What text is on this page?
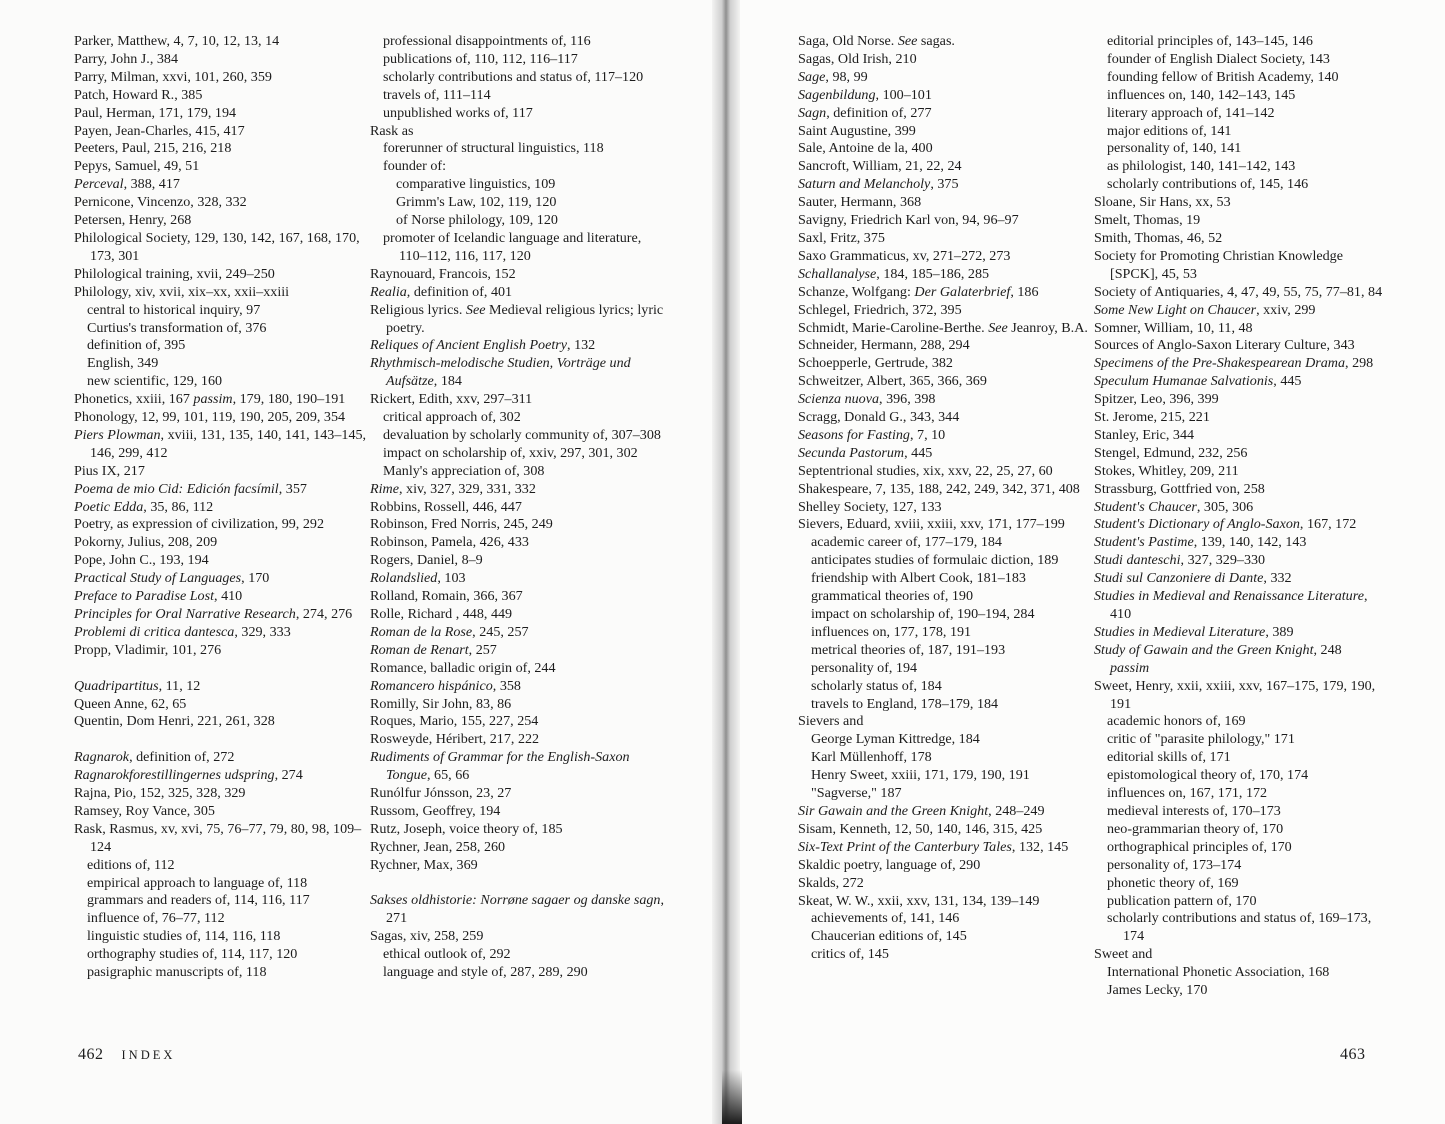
Parker, Matthew, 4, 7, 10, 12, 13, 14
Parry, John J., 384
Parry, Milman, xxvi, 101, 260, 359
Patch, Howard R., 385
Paul, Herman, 171, 179, 194
Payen, Jean-Charles, 415, 417
Peeters, Paul, 215, 216, 218
Pepys, Samuel, 49, 51
Perceval, 388, 417
Pernicone, Vincenzo, 328, 332
Petersen, Henry, 268
Philological Society, 129, 130, 142, 167, 168, 170, 173, 301
Philological training, xvii, 249–250
Philology, xiv, xvii, xix–xx, xxii–xxiii
central to historical inquiry, 97
Curtius's transformation of, 376
definition of, 395
English, 349
new scientific, 129, 160
Phonetics, xxiii, 167 passim, 179, 180, 190–191
Phonology, 12, 99, 101, 119, 190, 205, 209, 354
Piers Plowman, xviii, 131, 135, 140, 141, 143–145, 146, 299, 412
Pius IX, 217
Poema de mio Cid: Edición facsímil, 357
Poetic Edda, 35, 86, 112
Poetry, as expression of civilization, 99, 292
Pokorny, Julius, 208, 209
Pope, John C., 193, 194
Practical Study of Languages, 170
Preface to Paradise Lost, 410
Principles for Oral Narrative Research, 274, 276
Problemi di critica dantesca, 329, 333
Propp, Vladimir, 101, 276
Quadripartitus, 11, 12
Queen Anne, 62, 65
Quentin, Dom Henri, 221, 261, 328
Ragnarok, definition of, 272
Ragnarokforestillingernes udspring, 274
Rajna, Pio, 152, 325, 328, 329
Ramsey, Roy Vance, 305
Rask, Rasmus, xv, xvi, 75, 76–77, 79, 80, 98, 109–124
editions of, 112
empirical approach to language of, 118
grammars and readers of, 114, 116, 117
influence of, 76–77, 112
linguistic studies of, 114, 116, 118
orthography studies of, 114, 117, 120
pasigraphic manuscripts of, 118
professional disappointments of, 116
publications of, 110, 112, 116–117
scholarly contributions and status of, 117–120
travels of, 111–114
unpublished works of, 117
Rask as
forerunner of structural linguistics, 118
founder of:
comparative linguistics, 109
Grimm's Law, 102, 119, 120
of Norse philology, 109, 120
promoter of Icelandic language and literature, 110–112, 116, 117, 120
Raynouard, Francois, 152
Realia, definition of, 401
Religious lyrics. See Medieval religious lyrics; lyric poetry.
Reliques of Ancient English Poetry, 132
Rhythmisch-melodische Studien, Vorträge und Aufsätze, 184
Rickert, Edith, xxv, 297–311
critical approach of, 302
devaluation by scholarly community of, 307–308
impact on scholarship of, xxiv, 297, 301, 302
Manly's appreciation of, 308
Rime, xiv, 327, 329, 331, 332
Robbins, Rossell, 446, 447
Robinson, Fred Norris, 245, 249
Robinson, Pamela, 426, 433
Rogers, Daniel, 8–9
Rolandslied, 103
Rolland, Romain, 366, 367
Rolle, Richard , 448, 449
Roman de la Rose, 245, 257
Roman de Renart, 257
Romance, balladic origin of, 244
Romancero hispánico, 358
Romilly, Sir John, 83, 86
Roques, Mario, 155, 227, 254
Rosweyde, Héribert, 217, 222
Rudiments of Grammar for the English-Saxon Tongue, 65, 66
Runólfur Jónsson, 23, 27
Russom, Geoffrey, 194
Rutz, Joseph, voice theory of, 185
Rychner, Jean, 258, 260
Rychner, Max, 369
Sakses oldhistorie: Norrøne sagaer og danske sagn, 271
Sagas, xiv, 258, 259
ethical outlook of, 292
language and style of, 287, 289, 290
462 INDEX
Saga, Old Norse. See sagas.
Sagas, Old Irish, 210
Sage, 98, 99
Sagenbildung, 100–101
Sagn, definition of, 277
Saint Augustine, 399
Sale, Antoine de la, 400
Sancroft, William, 21, 22, 24
Saturn and Melancholy, 375
Sauter, Hermann, 368
Savigny, Friedrich Karl von, 94, 96–97
Saxl, Fritz, 375
Saxo Grammaticus, xv, 271–272, 273
Schallanalyse, 184, 185–186, 285
Schanze, Wolfgang: Der Galaterbrief, 186
Schlegel, Friedrich, 372, 395
Schmidt, Marie-Caroline-Berthe. See Jeanroy, B.A.
Schneider, Hermann, 288, 294
Schoepperle, Gertrude, 382
Schweitzer, Albert, 365, 366, 369
Scienza nuova, 396, 398
Scragg, Donald G., 343, 344
Seasons for Fasting, 7, 10
Secunda Pastorum, 445
Septentrional studies, xix, xxv, 22, 25, 27, 60
Shakespeare, 7, 135, 188, 242, 249, 342, 371, 408
Shelley Society, 127, 133
Sievers, Eduard, xviii, xxiii, xxv, 171, 177–199
academic career of, 177–179, 184
anticipates studies of formulaic diction, 189
friendship with Albert Cook, 181–183
grammatical theories of, 190
impact on scholarship of, 190–194, 284
influences on, 177, 178, 191
metrical theories of, 187, 191–193
personality of, 194
scholarly status of, 184
travels to England, 178–179, 184
Sievers and
George Lyman Kittredge, 184
Karl Müllenhoff, 178
Henry Sweet, xxiii, 171, 179, 190, 191
"Sagverse," 187
Sir Gawain and the Green Knight, 248–249
Sisam, Kenneth, 12, 50, 140, 146, 315, 425
Six-Text Print of the Canterbury Tales, 132, 145
Skaldic poetry, language of, 290
Skalds, 272
Skeat, W. W., xxii, xxv, 131, 134, 139–149
achievements of, 141, 146
Chaucerian editions of, 145
critics of, 145
editorial principles of, 143–145, 146
founder of English Dialect Society, 143
founding fellow of British Academy, 140
influences on, 140, 142–143, 145
literary approach of, 141–142
major editions of, 141
personality of, 140, 141
as philologist, 140, 141–142, 143
scholarly contributions of, 145, 146
Sloane, Sir Hans, xx, 53
Smelt, Thomas, 19
Smith, Thomas, 46, 52
Society for Promoting Christian Knowledge [SPCK], 45, 53
Society of Antiquaries, 4, 47, 49, 55, 75, 77–81, 84
Some New Light on Chaucer, xxiv, 299
Somner, William, 10, 11, 48
Sources of Anglo-Saxon Literary Culture, 343
Specimens of the Pre-Shakespearean Drama, 298
Speculum Humanae Salvationis, 445
Spitzer, Leo, 396, 399
St. Jerome, 215, 221
Stanley, Eric, 344
Stengel, Edmund, 232, 256
Stokes, Whitley, 209, 211
Strassburg, Gottfried von, 258
Student's Chaucer, 305, 306
Student's Dictionary of Anglo-Saxon, 167, 172
Student's Pastime, 139, 140, 142, 143
Studi danteschi, 327, 329–330
Studi sul Canzoniere di Dante, 332
Studies in Medieval and Renaissance Literature, 410
Studies in Medieval Literature, 389
Study of Gawain and the Green Knight, 248 passim
Sweet, Henry, xxii, xxiii, xxv, 167–175, 179, 190, 191
academic honors of, 169
critic of "parasite philology," 171
editorial skills of, 171
epistomological theory of, 170, 174
influences on, 167, 171, 172
medieval interests of, 170–173
neo-grammarian theory of, 170
orthographical principles of, 170
personality of, 173–174
phonetic theory of, 169
publication pattern of, 170
scholarly contributions and status of, 169–173, 174
Sweet and
International Phonetic Association, 168
James Lecky, 170
463
